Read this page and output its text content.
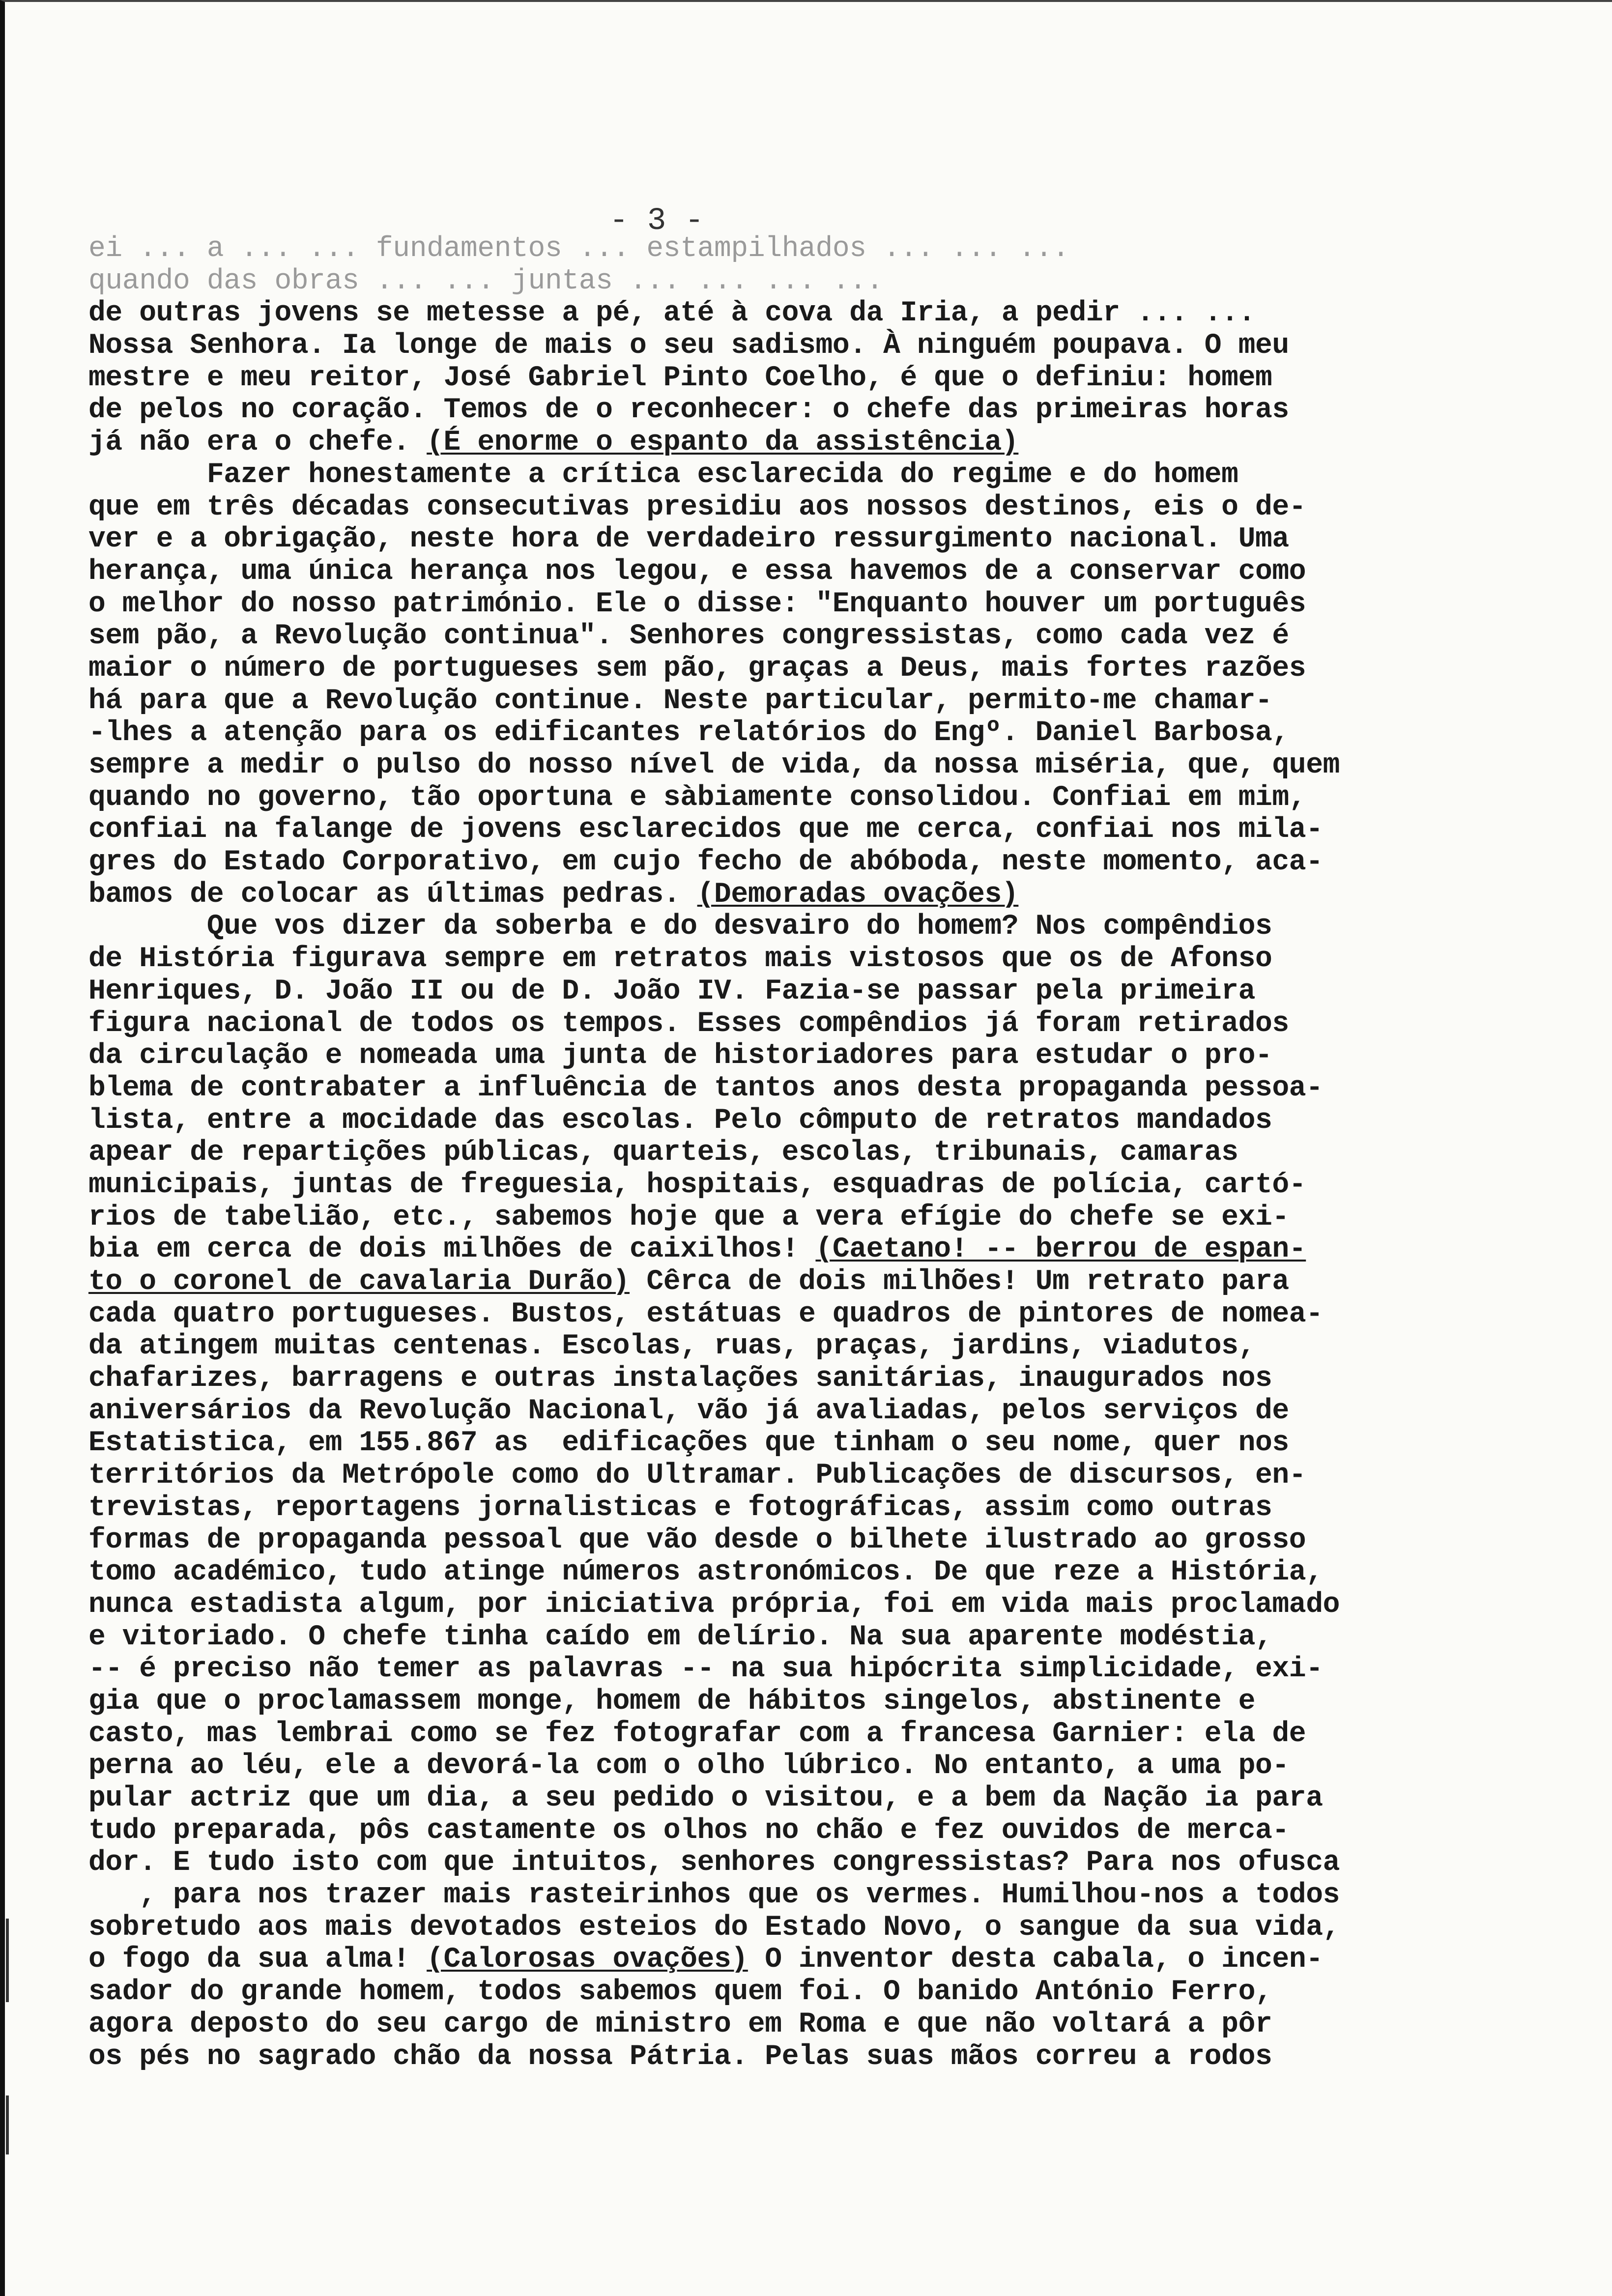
- 3 -
ei ... a ... ... fundamentos ... estampilhados ... ... ...
quando das obras ... ... juntas ... ... ... ...
de outras jovens se metesse a pé, até à cova da Iria, a pedir ... ...
Nossa Senhora. Ia longe de mais o seu sadismo. À ninguém poupava. O meu
mestre e meu reitor, José Gabriel Pinto Coelho, é que o definiu: homem
de pelos no coração. Temos de o reconhecer: o chefe das primeiras horas
já não era o chefe. (É enorme o espanto da assistência)
Fazer honestamente a crítica esclarecida do regime e do homem
que em três décadas consecutivas presidiu aos nossos destinos, eis o de-
ver e a obrigação, neste hora de verdadeiro ressurgimento nacional. Uma
herança, uma única herança nos legou, e essa havemos de a conservar como
o melhor do nosso património. Ele o disse: "Enquanto houver um português
sem pão, a Revolução continua". Senhores congressistas, como cada vez é
maior o número de portugueses sem pão, graças a Deus, mais fortes razões
há para que a Revolução continue. Neste particular, permito-me chamar-
-lhes a atenção para os edificantes relatórios do Engº. Daniel Barbosa,
sempre a medir o pulso do nosso nível de vida, da nossa miséria, que, quem
quando no governo, tão oportuna e sàbiamente consolidou. Confiai em mim,
confiai na falange de jovens esclarecidos que me cerca, confiai nos mila-
gres do Estado Corporativo, em cujo fecho de abóboda, neste momento, aca-
bamos de colocar as últimas pedras. (Demoradas ovações)
Que vos dizer da soberba e do desvairo do homem? Nos compêndios
de História figurava sempre em retratos mais vistosos que os de Afonso
Henriques, D. João II ou de D. João IV. Fazia-se passar pela primeira
figura nacional de todos os tempos. Esses compêndios já foram retirados
da circulação e nomeada uma junta de historiadores para estudar o pro-
blema de contrabater a influência de tantos anos desta propaganda pessoa-
lista, entre a mocidade das escolas. Pelo cômputo de retratos mandados
apear de repartições públicas, quarteis, escolas, tribunais, camaras
municipais, juntas de freguesia, hospitais, esquadras de polícia, cartó-
rios de tabelião, etc., sabemos hoje que a vera efígie do chefe se exi-
bia em cerca de dois milhões de caixilhos! (Caetano! -- berrou de espan-
to o coronel de cavalaria Durão) Cêrca de dois milhões! Um retrato para
cada quatro portugueses. Bustos, estátuas e quadros de pintores de nomea-
da atingem muitas centenas. Escolas, ruas, praças, jardins, viadutos,
chafarizes, barragens e outras instalações sanitárias, inaugurados nos
aniversários da Revolução Nacional, vão já avaliadas, pelos serviços de
Estatistica, em 155.867 as  edificações que tinham o seu nome, quer nos
territórios da Metrópole como do Ultramar. Publicações de discursos, en-
trevistas, reportagens jornalisticas e fotográficas, assim como outras
formas de propaganda pessoal que vão desde o bilhete ilustrado ao grosso
tomo académico, tudo atinge números astronómicos. De que reze a História,
nunca estadista algum, por iniciativa própria, foi em vida mais proclamado
e vitoriado. O chefe tinha caído em delírio. Na sua aparente modéstia,
-- é preciso não temer as palavras -- na sua hipócrita simplicidade, exi-
gia que o proclamassem monge, homem de hábitos singelos, abstinente e
casto, mas lembrai como se fez fotografar com a francesa Garnier: ela de
perna ao léu, ele a devorá-la com o olho lúbrico. No entanto, a uma po-
pular actriz que um dia, a seu pedido o visitou, e a bem da Nação ia para
tudo preparada, pôs castamente os olhos no chão e fez ouvidos de merca-
dor. E tudo isto com que intuitos, senhores congressistas? Para nos ofusca
, para nos trazer mais rasteirinhos que os vermes. Humilhou-nos a todos
sobretudo aos mais devotados esteios do Estado Novo, o sangue da sua vida,
o fogo da sua alma! (Calorosas ovações) O inventor desta cabala, o incen-
sador do grande homem, todos sabemos quem foi. O banido António Ferro,
agora deposto do seu cargo de ministro em Roma e que não voltará a pôr
os pés no sagrado chão da nossa Pátria. Pelas suas mãos correu a rodos
